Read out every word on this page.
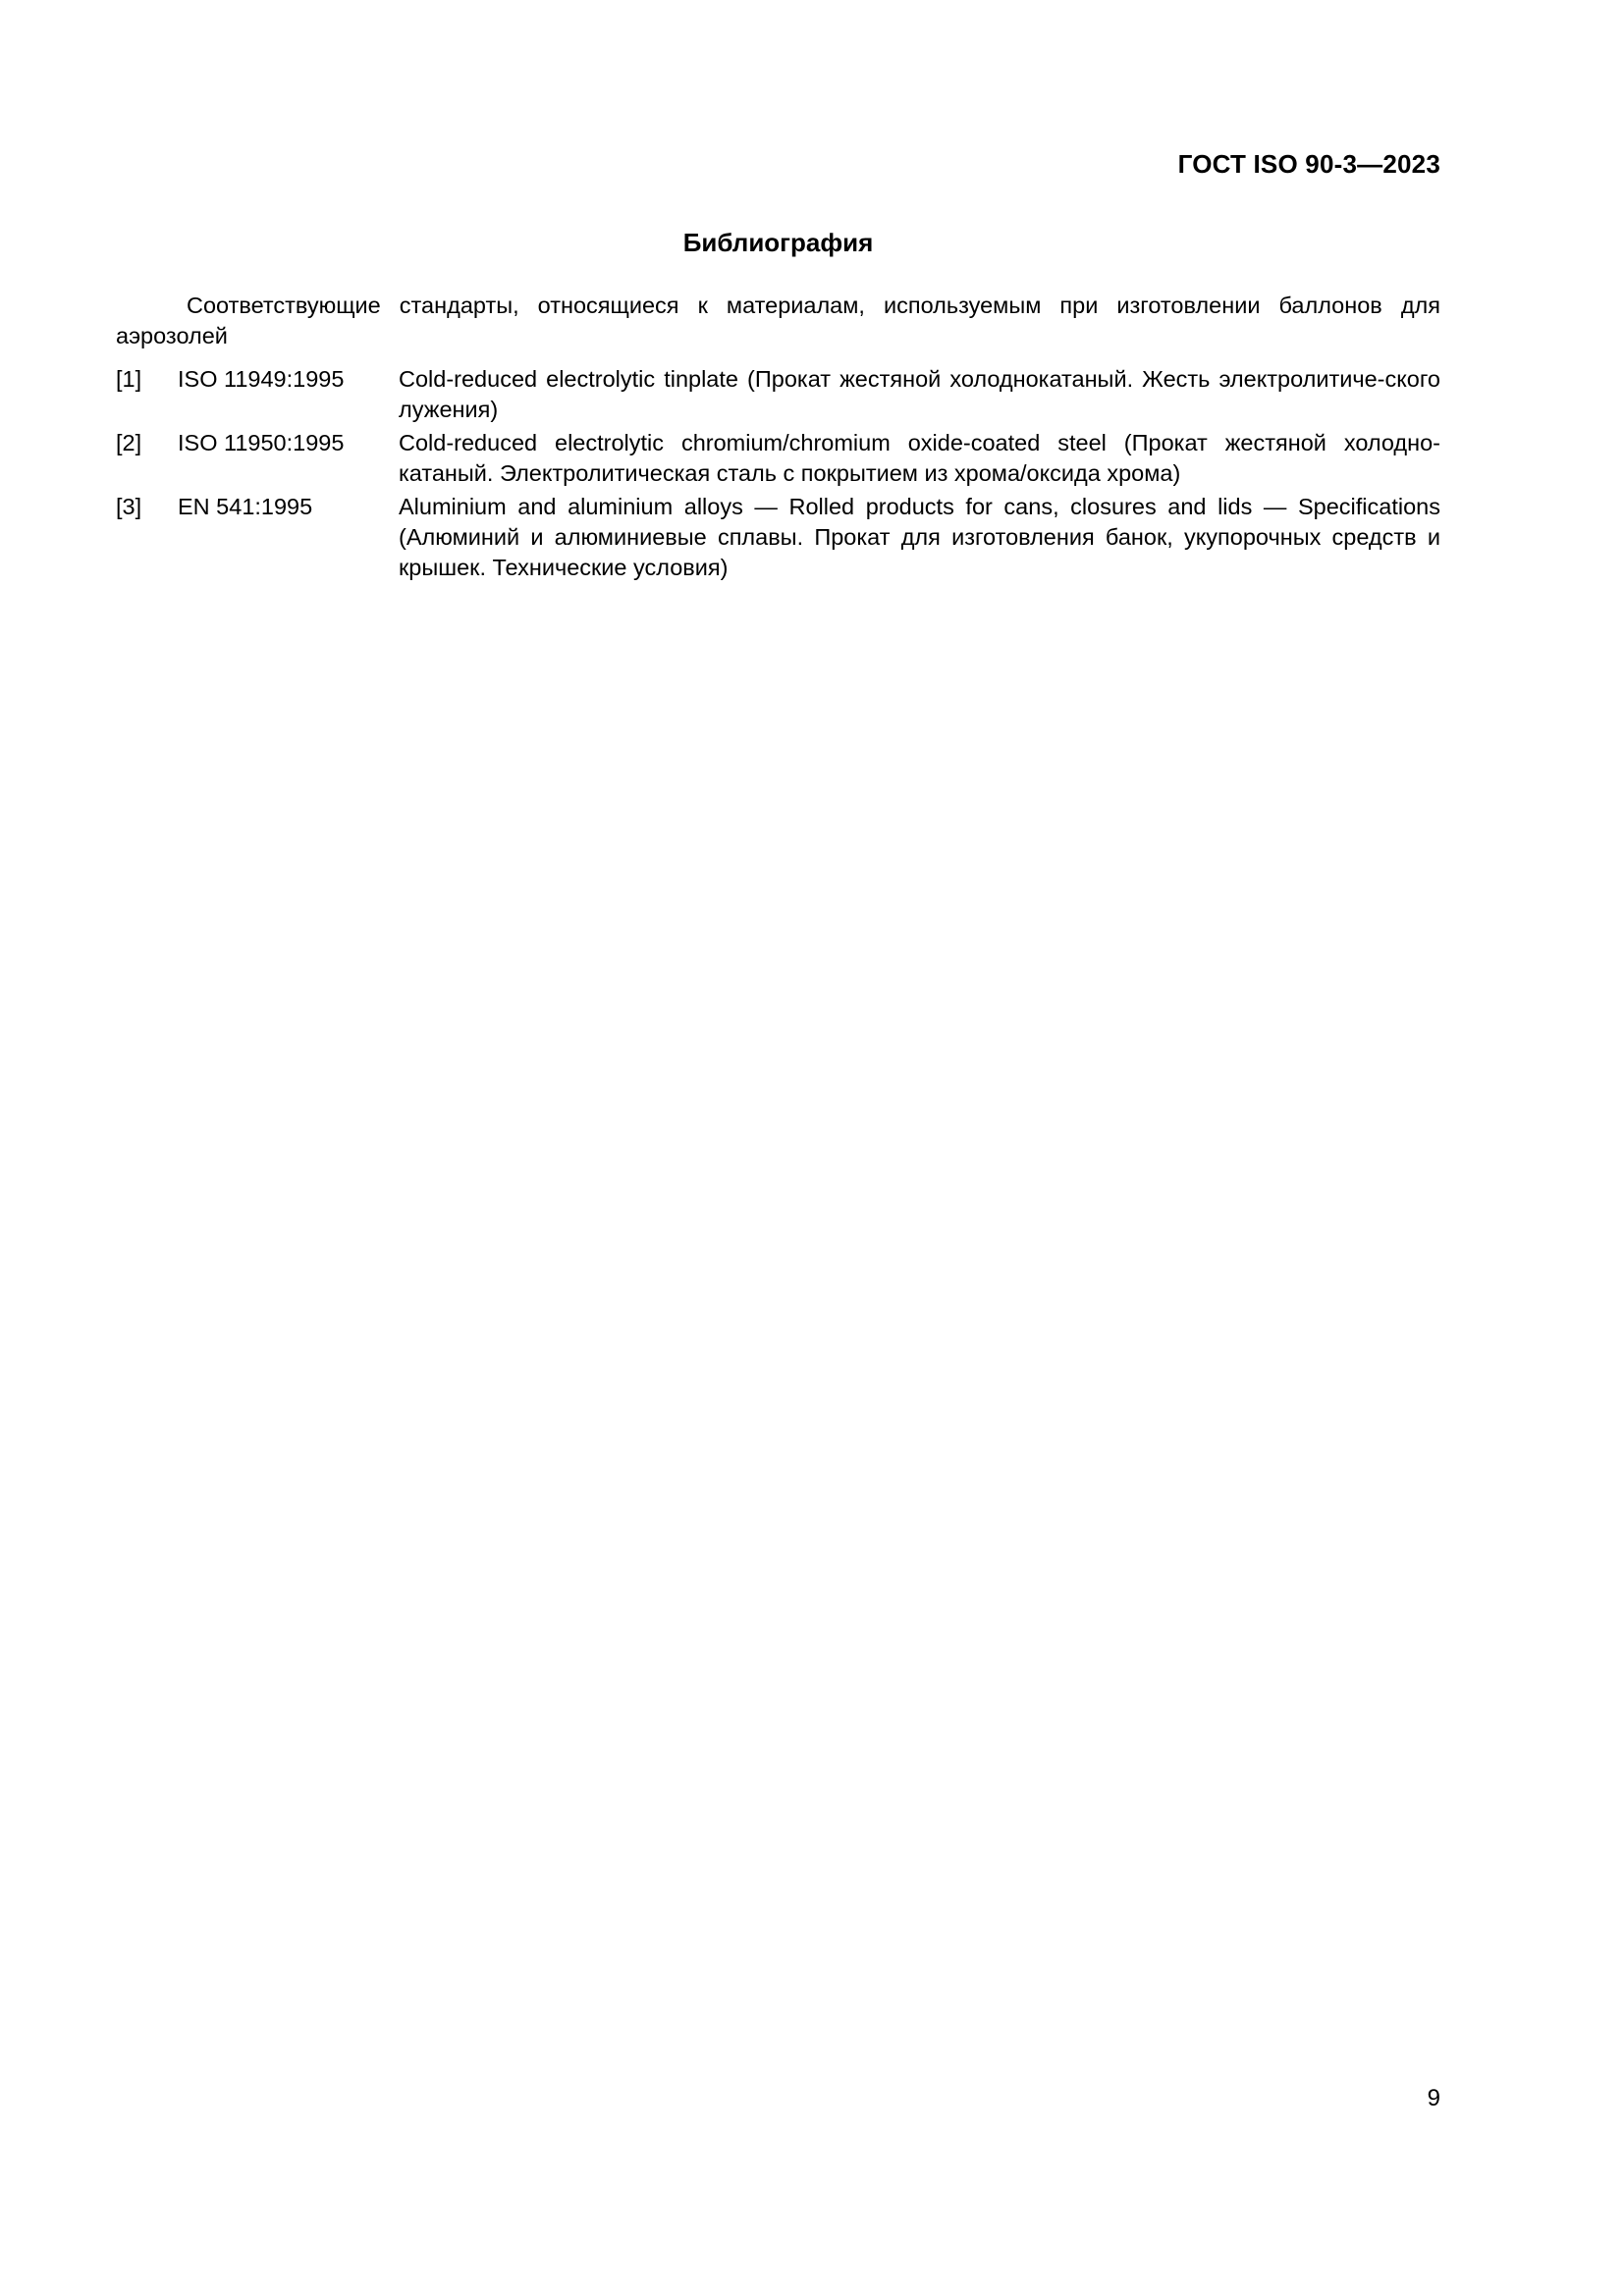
ГОСТ ISO 90-3—2023
Библиография
Соответствующие стандарты, относящиеся к материалам, используемым при изготовлении баллонов для аэрозолей
[1]	ISO 11949:1995	Cold-reduced electrolytic tinplate (Прокат жестяной холоднокатаный. Жесть электролитиче-ского лужения)
[2]	ISO 11950:1995	Cold-reduced electrolytic chromium/chromium oxide-coated steel (Прокат жестяной холодно-катаный. Электролитическая сталь с покрытием из хрома/оксида хрома)
[3]	EN 541:1995	Aluminium and aluminium alloys — Rolled products for cans, closures and lids — Specifications (Алюминий и алюминиевые сплавы. Прокат для изготовления банок, укупорочных средств и крышек. Технические условия)
9
